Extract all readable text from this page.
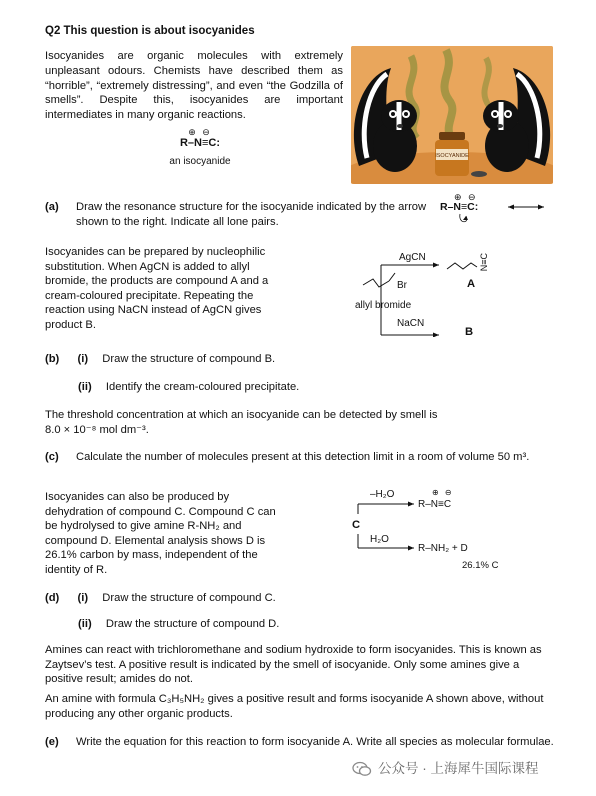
Q2 This question is about isocyanides
Isocyanides are organic molecules with extremely unpleasant odours. Chemists have described them as “horrible”, “extremely distressing”, and even “the Godzilla of smells”. Despite this, isocyanides are important intermediates in many organic reactions.
ISOCYANIDE
⊕ ⊖
R–N≡C:
an isocyanide
(a) Draw the resonance structure for the isocyanide indicated by the arrow shown to the right. Indicate all lone pairs.
⊕ ⊖
R–N≡C:
Isocyanides can be prepared by nucleophilic substitution. When AgCN is added to allyl bromide, the products are compound A and a cream-coloured precipitate. Repeating the reaction using NaCN instead of AgCN gives product B.
AgCN
Br
allyl bromide
NaCN
N≡C
A
B
(b) (i) Draw the structure of compound B.
(ii) Identify the cream-coloured precipitate.
The threshold concentration at which an isocyanide can be detected by smell is
8.0 × 10⁻⁸ mol dm⁻³.
(c) Calculate the number of molecules present at this detection limit in a room of volume 50 m³.
Isocyanides can also be produced by dehydration of compound C. Compound C can be hydrolysed to give amine R-NH₂ and compound D. Elemental analysis shows D is 26.1% carbon by mass, independent of the identity of R.
–H₂O
C
H₂O
⊕ ⊖
R–N≡C
R–NH₂ + D
26.1% C
(d) (i) Draw the structure of compound C.
(ii) Draw the structure of compound D.
Amines can react with trichloromethane and sodium hydroxide to form isocyanides. This is known as Zaytsev’s test. A positive result is indicated by the smell of isocyanide. Only some amines give a positive result; amides do not.
An amine with formula C₃H₅NH₂ gives a positive result and forms isocyanide A shown above, without producing any other organic products.
(e) Write the equation for this reaction to form isocyanide A. Write all species as molecular formulae.
公众号 · 上海犀牛国际课程
